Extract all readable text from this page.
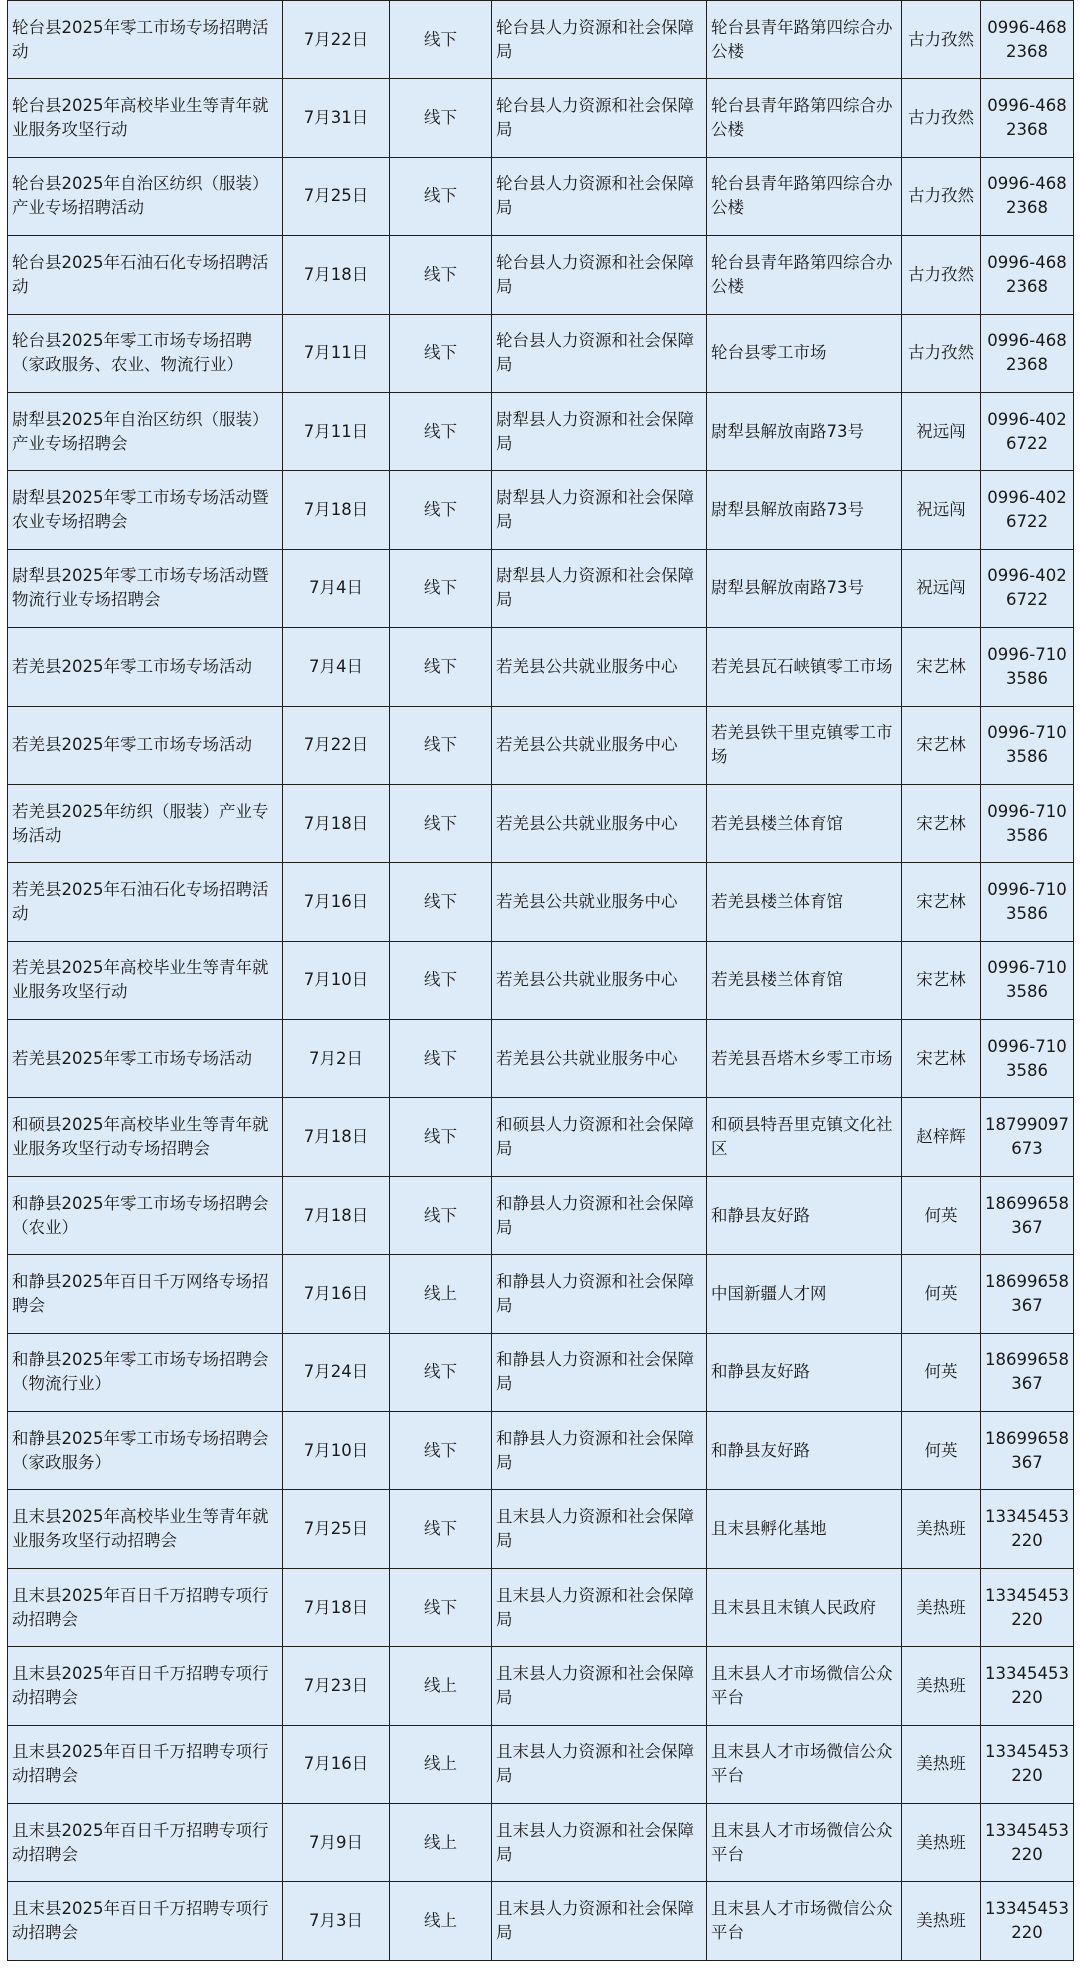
轮台县2025年零工市场专场招聘活动	7月22日	线下	轮台县人力资源和社会保障局	轮台县青年路第四综合办公楼	古力孜然	0996-4682368
轮台县2025年高校毕业生等青年就业服务攻坚行动	7月31日	线下	轮台县人力资源和社会保障局	轮台县青年路第四综合办公楼	古力孜然	0996-4682368
轮台县2025年自治区纺织（服装）产业专场招聘活动	7月25日	线下	轮台县人力资源和社会保障局	轮台县青年路第四综合办公楼	古力孜然	0996-4682368
轮台县2025年石油石化专场招聘活动	7月18日	线下	轮台县人力资源和社会保障局	轮台县青年路第四综合办公楼	古力孜然	0996-4682368
轮台县2025年零工市场专场招聘（家政服务、农业、物流行业）	7月11日	线下	轮台县人力资源和社会保障局	轮台县零工市场	古力孜然	0996-4682368
尉犁县2025年自治区纺织（服装）产业专场招聘会	7月11日	线下	尉犁县人力资源和社会保障局	尉犁县解放南路73号	祝远闯	0996-4026722
尉犁县2025年零工市场专场活动暨农业专场招聘会	7月18日	线下	尉犁县人力资源和社会保障局	尉犁县解放南路73号	祝远闯	0996-4026722
尉犁县2025年零工市场专场活动暨物流行业专场招聘会	7月4日	线下	尉犁县人力资源和社会保障局	尉犁县解放南路73号	祝远闯	0996-4026722
若羌县2025年零工市场专场活动	7月4日	线下	若羌县公共就业服务中心	若羌县瓦石峡镇零工市场	宋艺林	0996-7103586
若羌县2025年零工市场专场活动	7月22日	线下	若羌县公共就业服务中心	若羌县铁干里克镇零工市场	宋艺林	0996-7103586
若羌县2025年纺织（服装）产业专场活动	7月18日	线下	若羌县公共就业服务中心	若羌县楼兰体育馆	宋艺林	0996-7103586
若羌县2025年石油石化专场招聘活动	7月16日	线下	若羌县公共就业服务中心	若羌县楼兰体育馆	宋艺林	0996-7103586
若羌县2025年高校毕业生等青年就业服务攻坚行动	7月10日	线下	若羌县公共就业服务中心	若羌县楼兰体育馆	宋艺林	0996-7103586
若羌县2025年零工市场专场活动	7月2日	线下	若羌县公共就业服务中心	若羌县吾塔木乡零工市场	宋艺林	0996-7103586
和硕县2025年高校毕业生等青年就业服务攻坚行动专场招聘会	7月18日	线下	和硕县人力资源和社会保障局	和硕县特吾里克镇文化社区	赵梓辉	18799097673
和静县2025年零工市场专场招聘会（农业）	7月18日	线下	和静县人力资源和社会保障局	和静县友好路	何英	18699658367
和静县2025年百日千万网络专场招聘会	7月16日	线上	和静县人力资源和社会保障局	中国新疆人才网	何英	18699658367
和静县2025年零工市场专场招聘会（物流行业）	7月24日	线下	和静县人力资源和社会保障局	和静县友好路	何英	18699658367
和静县2025年零工市场专场招聘会（家政服务）	7月10日	线下	和静县人力资源和社会保障局	和静县友好路	何英	18699658367
且末县2025年高校毕业生等青年就业服务攻坚行动招聘会	7月25日	线下	且末县人力资源和社会保障局	且末县孵化基地	美热班	13345453220
且末县2025年百日千万招聘专项行动招聘会	7月18日	线下	且末县人力资源和社会保障局	且末县且末镇人民政府	美热班	13345453220
且末县2025年百日千万招聘专项行动招聘会	7月23日	线上	且末县人力资源和社会保障局	且末县人才市场微信公众平台	美热班	13345453220
且末县2025年百日千万招聘专项行动招聘会	7月16日	线上	且末县人力资源和社会保障局	且末县人才市场微信公众平台	美热班	13345453220
且末县2025年百日千万招聘专项行动招聘会	7月9日	线上	且末县人力资源和社会保障局	且末县人才市场微信公众平台	美热班	13345453220
且末县2025年百日千万招聘专项行动招聘会	7月3日	线上	且末县人力资源和社会保障局	且末县人才市场微信公众平台	美热班	13345453220
